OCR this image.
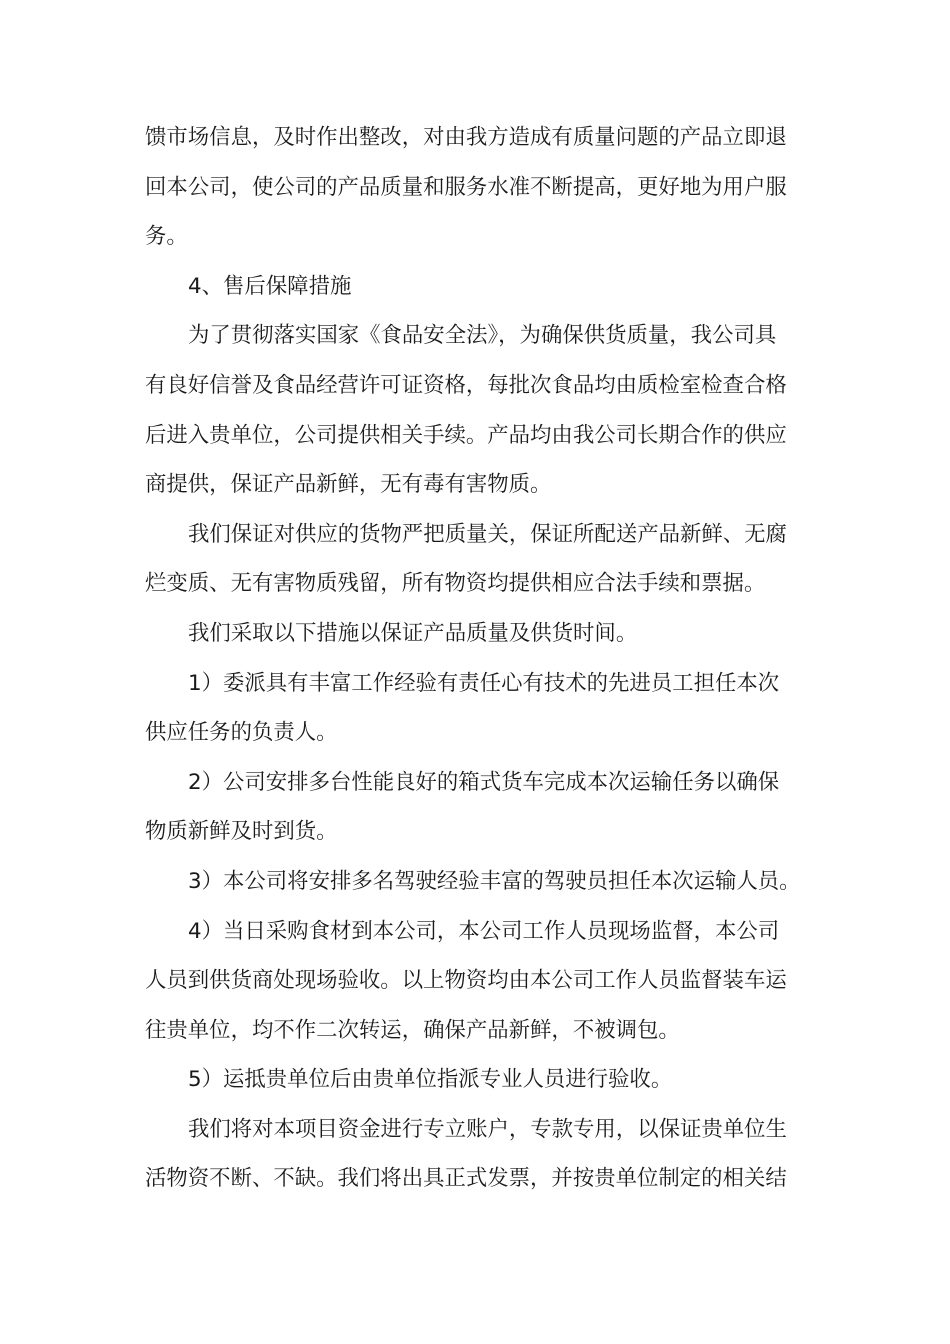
馈市场信息，及时作出整改，对由我方造成有质量问题的产品立即退
回本公司，使公司的产品质量和服务水准不断提高，更好地为用户服
务。
4、售后保障措施
为了贯彻落实国家《食品安全法》，为确保供货质量，我公司具
有良好信誉及食品经营许可证资格，每批次食品均由质检室检查合格
后进入贵单位，公司提供相关手续。产品均由我公司长期合作的供应
商提供，保证产品新鲜，无有毒有害物质。
我们保证对供应的货物严把质量关，保证所配送产品新鲜、无腐
烂变质、无有害物质残留，所有物资均提供相应合法手续和票据。
我们采取以下措施以保证产品质量及供货时间。
1）委派具有丰富工作经验有责任心有技术的先进员工担任本次
供应任务的负责人。
2）公司安排多台性能良好的箱式货车完成本次运输任务以确保
物质新鲜及时到货。
3）本公司将安排多名驾驶经验丰富的驾驶员担任本次运输人员。
4）当日采购食材到本公司，本公司工作人员现场监督，本公司
人员到供货商处现场验收。以上物资均由本公司工作人员监督装车运
往贵单位，均不作二次转运，确保产品新鲜，不被调包。
5）运抵贵单位后由贵单位指派专业人员进行验收。
我们将对本项目资金进行专立账户，专款专用，以保证贵单位生
活物资不断、不缺。我们将出具正式发票，并按贵单位制定的相关结
